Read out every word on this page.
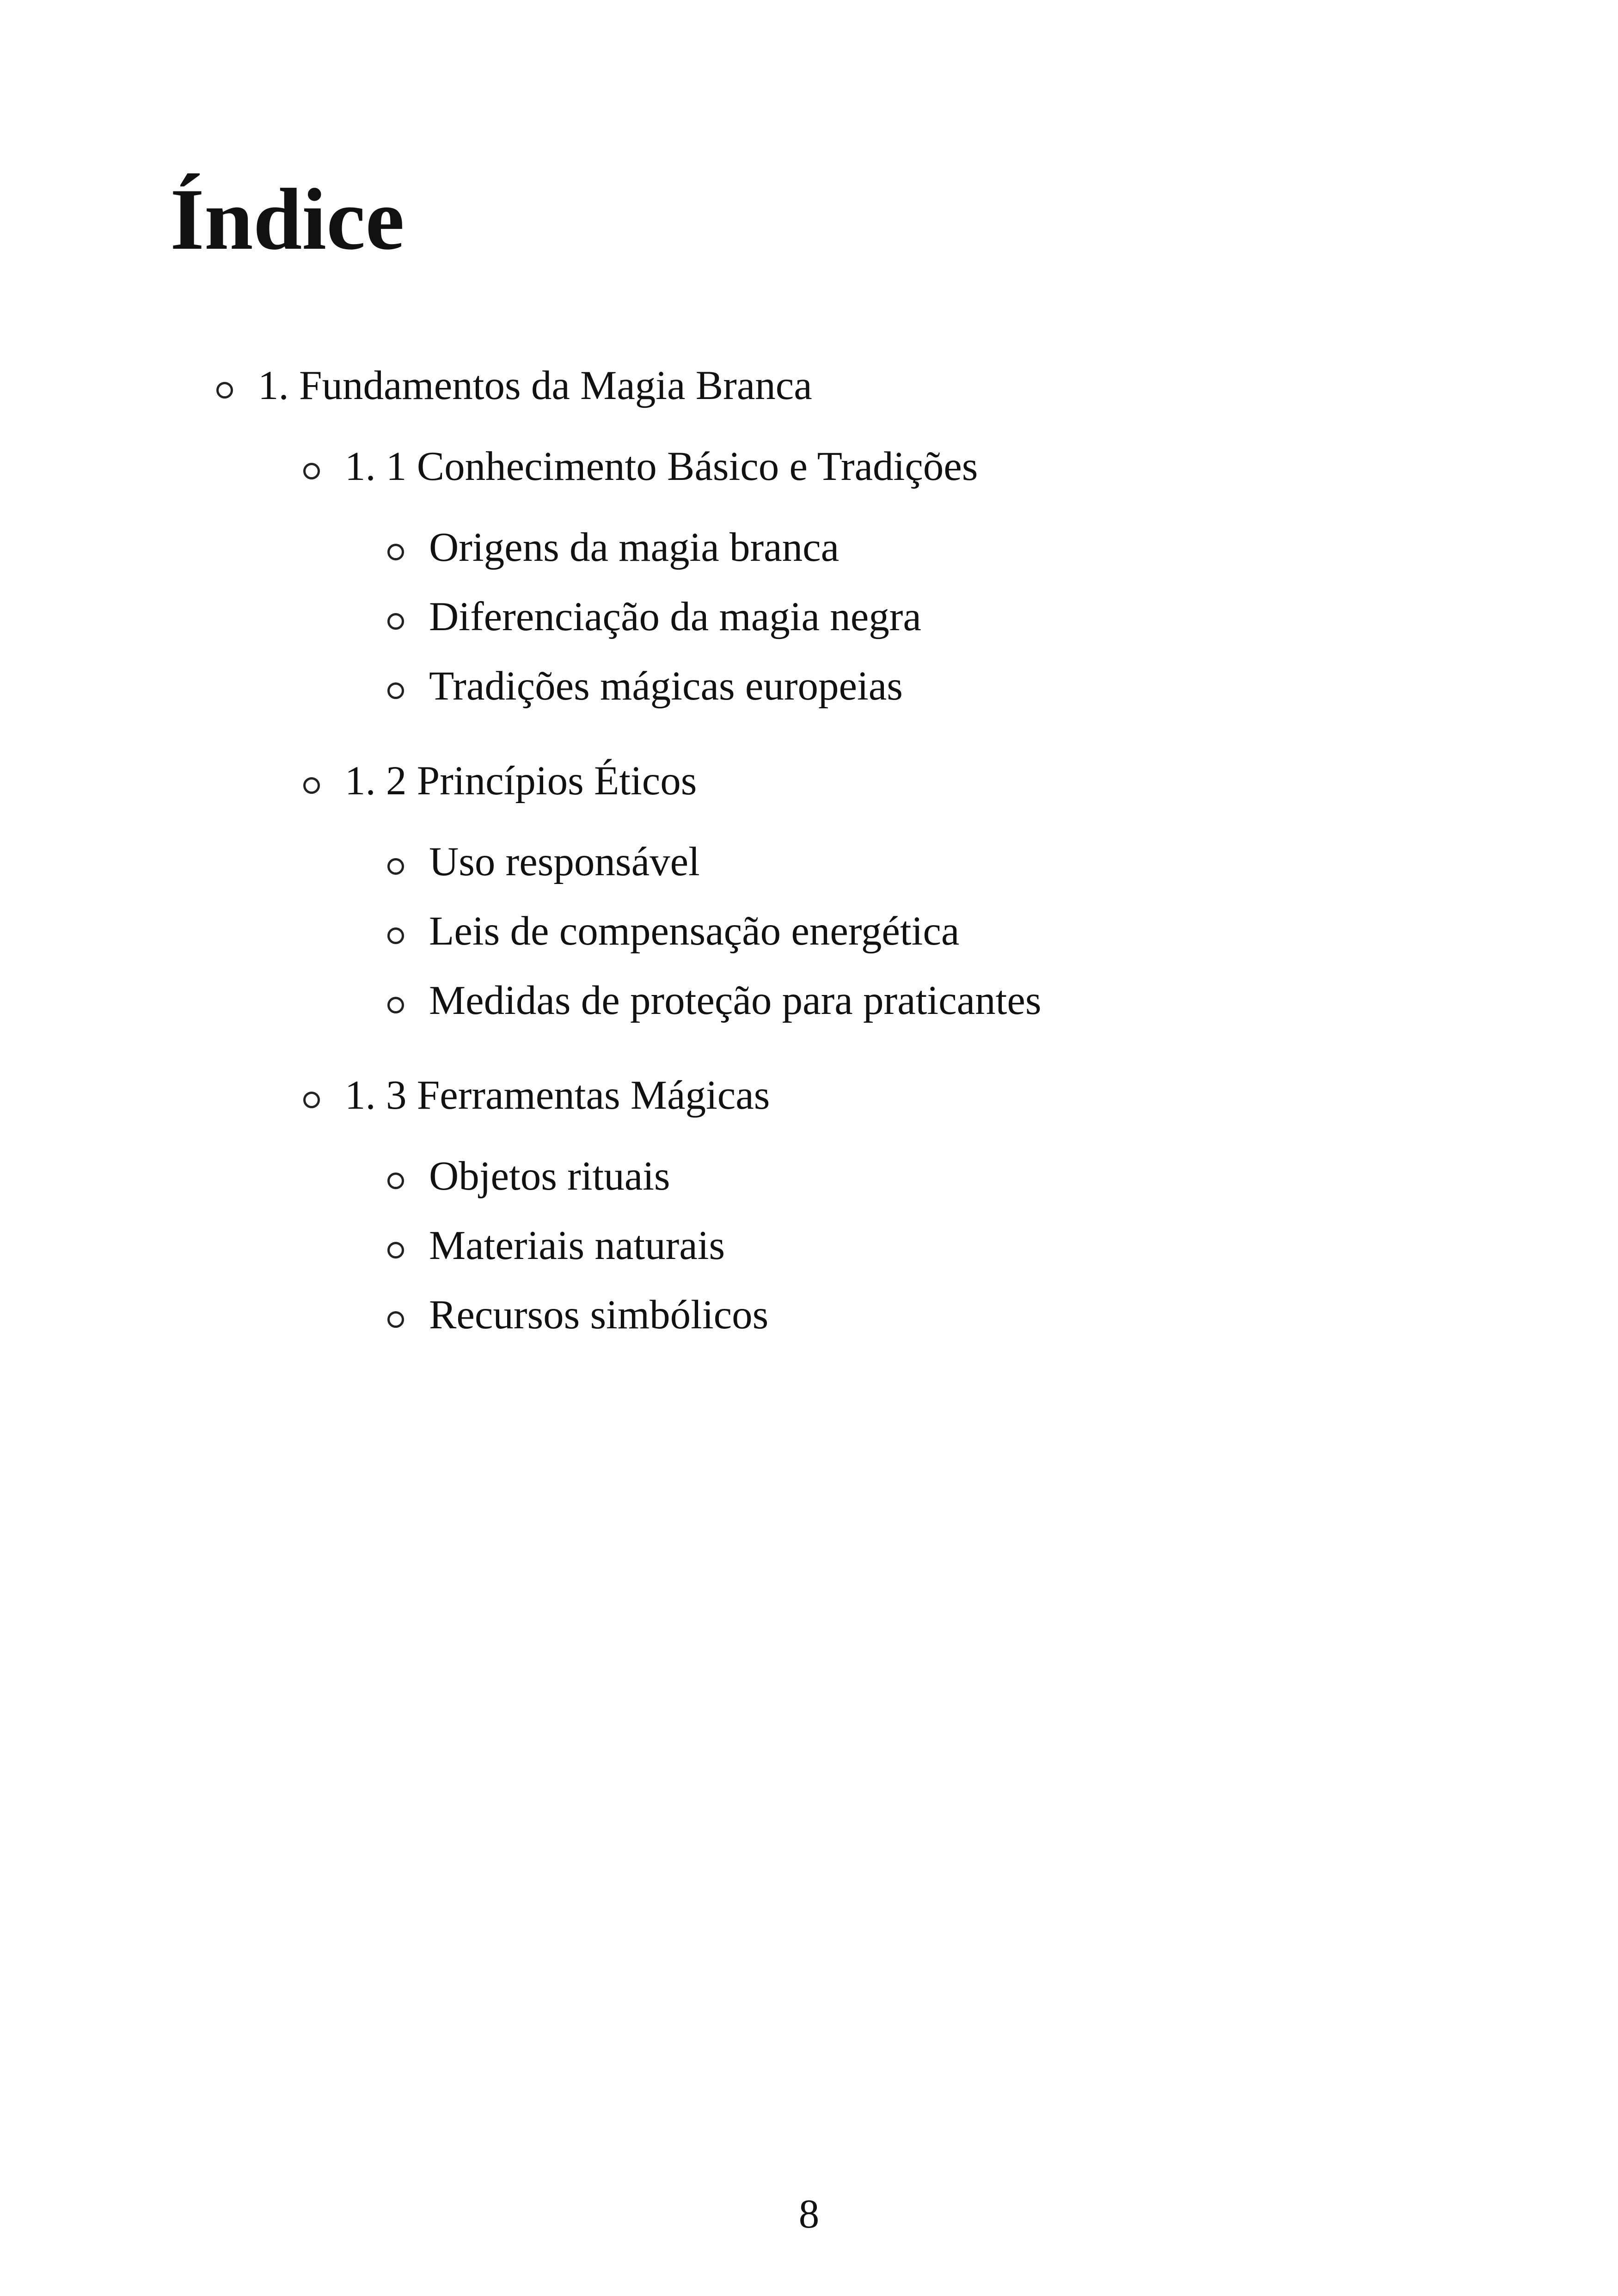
Índice
1. Fundamentos da Magia Branca
1. 1 Conhecimento Básico e Tradições
Origens da magia branca
Diferenciação da magia negra
Tradições mágicas europeias
1. 2 Princípios Éticos
Uso responsável
Leis de compensação energética
Medidas de proteção para praticantes
1. 3 Ferramentas Mágicas
Objetos rituais
Materiais naturais
Recursos simbólicos
8
